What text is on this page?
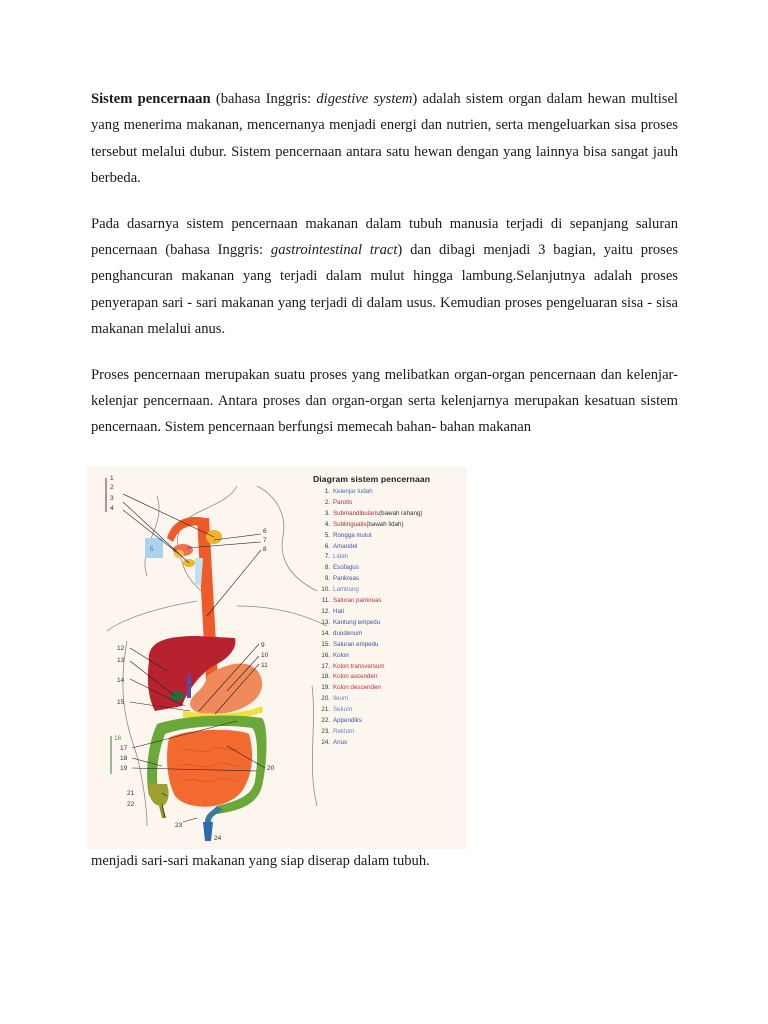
Sistem pencernaan (bahasa Inggris: digestive system) adalah sistem organ dalam hewan multisel yang menerima makanan, mencernanya menjadi energi dan nutrien, serta mengeluarkan sisa proses tersebut melalui dubur. Sistem pencernaan antara satu hewan dengan yang lainnya bisa sangat jauh berbeda.

Pada dasarnya sistem pencernaan makanan dalam tubuh manusia terjadi di sepanjang saluran pencernaan (bahasa Inggris: gastrointestinal tract) dan dibagi menjadi 3 bagian, yaitu proses penghancuran makanan yang terjadi dalam mulut hingga lambung.Selanjutnya adalah proses penyerapan sari - sari makanan yang terjadi di dalam usus. Kemudian proses pengeluaran sisa - sisa makanan melalui anus.

Proses pencernaan merupakan suatu proses yang melibatkan organ-organ pencernaan dan kelenjar-kelenjar pencernaan. Antara proses dan organ-organ serta kelenjarnya merupakan kesatuan sistem pencernaan. Sistem pencernaan berfungsi memecah bahan- bahan makanan

1
2
3
4
5
6
7
8
9
10
11
12
13
14
15
16
17
18
19	20
21
22
23
24
Diagram sistem pencernaan
1. Kelenjar ludah
2. Parotis
3. Submandibularis (bawah rahang)
4. Sublingualis (bawah lidah)
5. Rongga mulut
6. Amandel
7. Lidah
8. Esofagus
9. Pankreas
10. Lambung
11. Saluran pankreas
12. Hati
13. Kantung empedu
14. duodenum
15. Saluran empedu
16. Kolon
17. Kolon transversum
18. Kolon ascenden
19. Kolon descenden
20. Ileum
21. Sekum
22. Appendiks
23. Rektum
24. Anus

menjadi sari-sari makanan yang siap diserap dalam tubuh.
